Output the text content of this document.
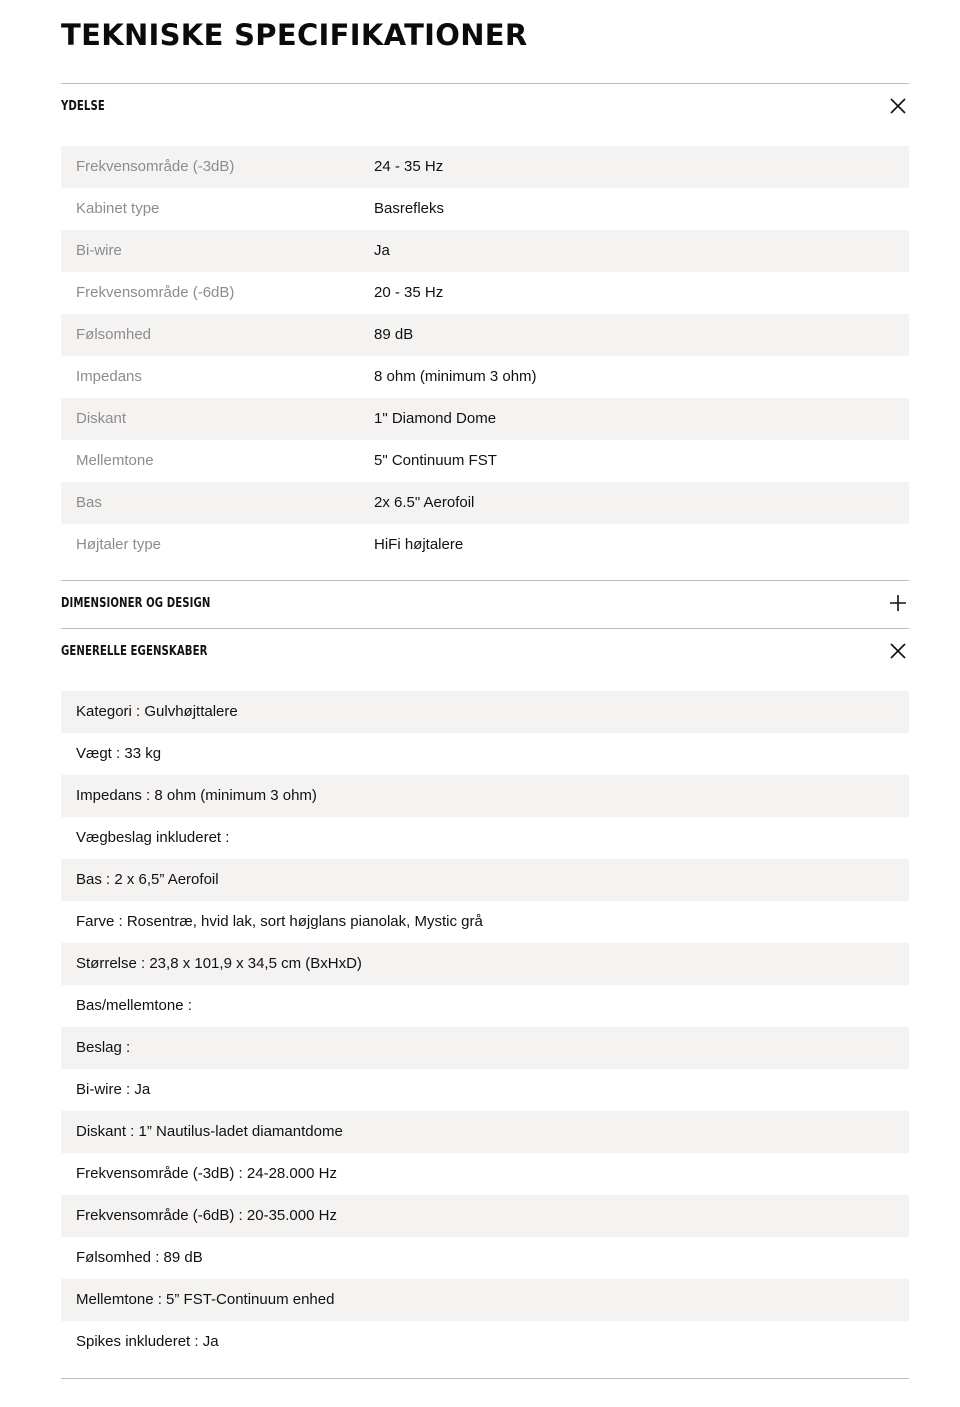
TEKNISKE SPECIFIKATIONER
YDELSE
Frekvensområde (-3dB)	24 - 35 Hz
Kabinet type	Basrefleks
Bi-wire	Ja
Frekvensområde (-6dB)	20 - 35 Hz
Følsomhed	89 dB
Impedans	8 ohm (minimum 3 ohm)
Diskant	1" Diamond Dome
Mellemtone	5" Continuum FST
Bas	2x 6.5" Aerofoil
Højtaler type	HiFi højtalere
DIMENSIONER OG DESIGN
GENERELLE EGENSKABER
Kategori : Gulvhøjttalere
Vægt : 33 kg
Impedans : 8 ohm (minimum 3 ohm)
Vægbeslag inkluderet :
Bas : 2 x 6,5” Aerofoil
Farve : Rosentræ, hvid lak, sort højglans pianolak, Mystic grå
Størrelse : 23,8 x 101,9 x 34,5 cm (BxHxD)
Bas/mellemtone :
Beslag :
Bi-wire : Ja
Diskant : 1” Nautilus-ladet diamantdome
Frekvensområde (-3dB) : 24-28.000 Hz
Frekvensområde (-6dB) : 20-35.000 Hz
Følsomhed : 89 dB
Mellemtone : 5” FST-Continuum enhed
Spikes inkluderet : Ja
